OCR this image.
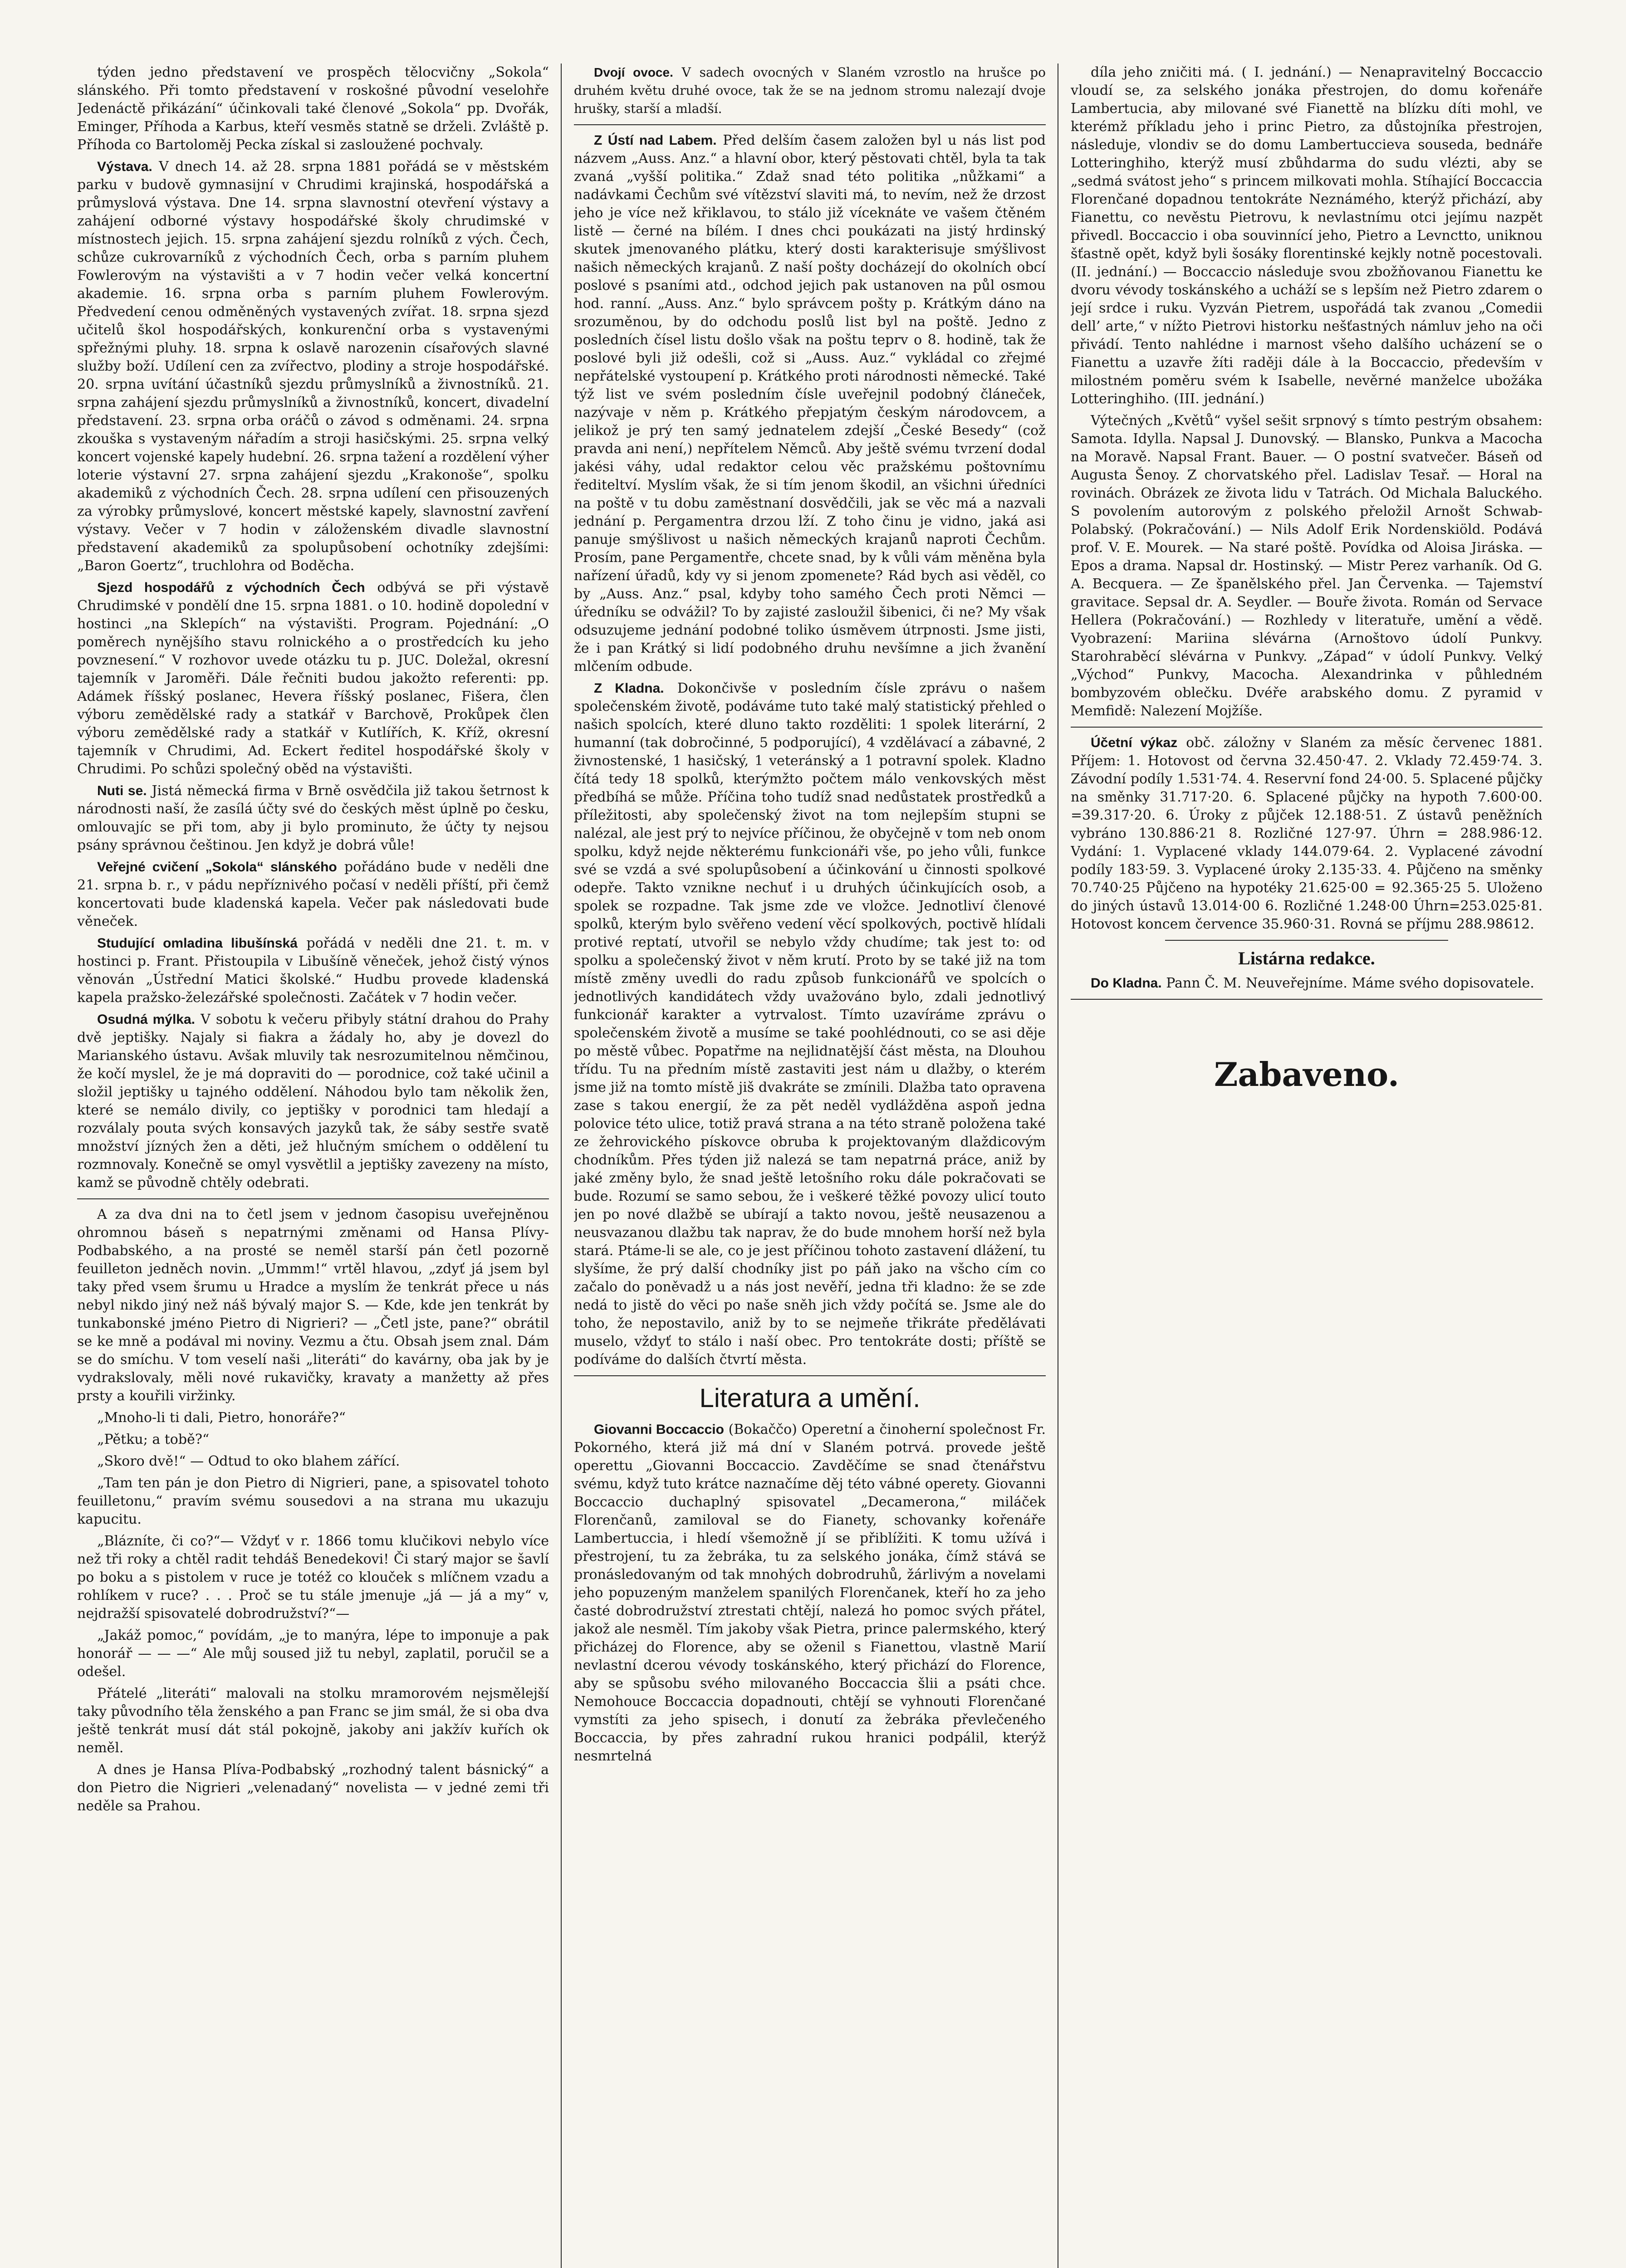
týden jedno představení ve prospěch tělocvičny „Sokola“ slánského. Při tomto představení v roskošné původní veselohře Jedenáctě přikázání“ účinkovali také členové „Sokola“ pp. Dvořák, Eminger, Příhoda a Karbus, kteří vesměs statně se drželi. Zvláště p. Příhoda co Bartoloměj Pecka získal si zasloužené pochvaly.

Výstava. V dnech 14. až 28. srpna 1881 pořádá se v městském parku v budově gymnasijní v Chrudimi krajinská, hospodářská a průmyslová výstava. Dne 14. srpna slavnostní otevření výstavy a zahájení odborné výstavy hospodářské školy chrudimské v místnostech jejich. 15. srpna zahájení sjezdu rolníků z vých. Čech, schůze cukrovarníků z východních Čech, orba s parním pluhem Fowlerovým na výstavišti a v 7 hodin večer velká koncertní akademie. 16. srpna orba s parním pluhem Fowlerovým. Předvedení cenou odměněných vystavených zvířat. 18. srpna sjezd učitelů škol hospodářských, konkurenční orba s vystavenými spřežnými pluhy. 18. srpna k oslavě narozenin císařových slavné služby boží. Udílení cen za zvířectvo, plodiny a stroje hospodářské. 20. srpna uvítání účastníků sjezdu průmyslníků a živnostníků. 21. srpna zahájení sjezdu průmyslníků a živnostníků, koncert, divadelní představení. 23. srpna orba oráčů o závod s odměnami. 24. srpna zkouška s vystaveným nářadím a stroji hasičskými. 25. srpna velký koncert vojenské kapely hudební. 26. srpna tažení a rozdělení výher loterie výstavní 27. srpna zahájení sjezdu „Krakonoše“, spolku akademiků z východních Čech. 28. srpna udílení cen přisouzených za výrobky průmyslové, koncert městské kapely, slavnostní zavření výstavy. Večer v 7 hodin v záloženském divadle slavnostní představení akademiků za spolupůsobení ochotníky zdejšími: „Baron Goertz“, truchlohra od Boděcha.

Sjezd hospodářů z východních Čech odbývá se při výstavě Chrudimské v pondělí dne 15. srpna 1881. o 10. hodině dopolední v hostinci „na Sklepích“ na výstavišti. Program. Pojednání: „O poměrech nynějšího stavu rolnického a o prostředcích ku jeho povznesení.“ V rozhovor uvede otázku tu p. JUC. Doležal, okresní tajemník v Jaroměři. Dále řečniti budou jakožto referenti: pp. Adámek říšský poslanec, Hevera říšský poslanec, Fišera, člen výboru zemědělské rady a statkář v Barchově, Prokůpek člen výboru zemědělské rady a statkář v Kutlířích, K. Kříž, okresní tajemník v Chrudimi, Ad. Eckert ředitel hospodářské školy v Chrudimi. Po schůzi společný oběd na výstavišti.

Nuti se. Jistá německá firma v Brně osvědčila již takou šetrnost k národnosti naší, že zasílá účty své do českých měst úplně po česku, omlouvajíc se při tom, aby ji bylo prominuto, že účty ty nejsou psány správnou češtinou. Jen když je dobrá vůle!

Veřejné cvičení „Sokola“ slánského pořádáno bude v neděli dne 21. srpna b. r., v pádu nepříznivého počasí v neděli příští, při čemž koncertovati bude kladenská kapela. Večer pak následovati bude věneček.

Studující omladina libušínská pořádá v neděli dne 21. t. m. v hostinci p. Frant. Přistoupila v Libušíně věneček, jehož čistý výnos věnován „Ústřední Matici školské.“ Hudbu provede kladenská kapela pražsko-železářské společnosti. Začátek v 7 hodin večer.

Osudná mýlka. V sobotu k večeru přibyly státní drahou do Prahy dvě jeptišky. Najaly si fiakra a žádaly ho, aby je dovezl do Marianského ústavu. Avšak mluvily tak nesrozumitelnou němčinou, že kočí myslel, že je má dopraviti do — porodnice, což také učinil a složil jeptišky u tajného oddělení. Náhodou bylo tam několik žen, které se nemálo divily, co jeptišky v porodnici tam hledají a rozválaly pouta svých konsavých jazyků tak, že sáby sestře svatě množství jízných žen a děti, jež hlučným smíchem o oddělení tu rozmnovaly. Konečně se omyl vysvětlil a jeptišky zavezeny na místo, kamž se původně chtěly odebrati.

A za dva dni na to četl jsem v jednom časopisu uveřejněnou ohromnou báseň s nepatrnými změnami od Hansa Plívy-Podbabského, a na prosté se neměl starší pán četl pozorně feuilleton jedněch novin. „Ummm!“ vrtěl hlavou, „zdyť já jsem byl taky před vsem šrumu u Hradce a myslím že tenkrát přece u nás nebyl nikdo jiný než náš bývalý major S. — Kde, kde jen tenkrát by tunkabonské jméno Pietro di Nigrieri? — „Četl jste, pane?“ obrátil se ke mně a podával mi noviny. Vezmu a čtu. Obsah jsem znal. Dám se do smíchu. V tom veselí naši „literáti“ do kavárny, oba jak by je vydrakslovaly, měli nové rukavičky, kravaty a manžetty až přes prsty a kouřili viržinky.

„Mnoho-li ti dali, Pietro, honoráře?“

„Pětku; a tobě?“

„Skoro dvě!“ — Odtud to oko blahem zářící.

„Tam ten pán je don Pietro di Nigrieri, pane, a spisovatel tohoto feuilletonu,“ pravím svému sousedovi a na strana mu ukazuju kapucitu.

„Blázníte, či co?“— Vždyť v r. 1866 tomu klučikovi nebylo více než tři roky a chtěl radit tehdáš Benedekovi! Či starý major se šavlí po boku a s pistolem v ruce je totéž co klouček s mlíčnem vzadu a rohlíkem v ruce? . . . Proč se tu stále jmenuje „já — já a my“ v, nejdražší spisovatelé dobrodružství?“—

„Jakáž pomoc,“ povídám, „je to manýra, lépe to imponuje a pak honorář — — —“ Ale můj soused již tu nebyl, zaplatil, poručil se a odešel.

Přátelé „literáti“ malovali na stolku mramorovém nejsmělejší taky původního těla ženského a pan Franc se jim smál, že si oba dva ještě tenkrát musí dát stál pokojně, jakoby ani jakžív kuřích ok neměl.

A dnes je Hansa Plíva-Podbabský „rozhodný talent básnický“ a don Pietro die Nigrieri „velenadaný“ novelista — v jedné zemi tři neděle sa Prahou.

Dvojí ovoce. V sadech ovocných v Slaném vzrostlo na hrušce po druhém květu druhé ovoce, tak že se na jednom stromu nalezají dvoje hrušky, starší a mladší.

Z Ústí nad Labem. Před delším časem založen byl u nás list pod názvem „Auss. Anz.“ a hlavní obor, který pěstovati chtěl, byla ta tak zvaná „vyšší politika.“ Zdaž snad této politika „nůžkami“ a nadávkami Čechům své vítězství slaviti má, to nevím, než že drzost jeho je více než křiklavou, to stálo již víceknáte ve vašem čtěném listě — černé na bílém. I dnes chci poukázati na jistý hrdinský skutek jmenovaného plátku, který dosti karakterisuje smýšlivost našich německých krajanů. Z naší pošty docházejí do okolních obcí poslové s psaními atd., odchod jejich pak ustanoven na půl osmou hod. ranní. „Auss. Anz.“ bylo správcem pošty p. Krátkým dáno na srozuměnou, by do odchodu poslů list byl na poště. Jedno z posledních čísel listu došlo však na poštu teprv o 8. hodině, tak že poslové byli již odešli, což si „Auss. Auz.“ vykládal co zřejmé nepřátelské vystoupení p. Krátkého proti národnosti německé. Také týž list ve svém posledním čísle uveřejnil podobný článeček, nazývaje v něm p. Krátkého přepjatým českým národovcem, a jelikož je prý ten samý jednatelem zdejší „České Besedy“ (což pravda ani není,) nepřítelem Němců. Aby ještě svému tvrzení dodal jakési váhy, udal redaktor celou věc pražskému poštovnímu řediteltví. Myslím však, že si tím jenom škodil, an všichni úředníci na poště v tu dobu zaměstnaní dosvědčili, jak se věc má a nazvali jednání p. Pergamentra drzou lží. Z toho činu je vidno, jaká asi panuje smýšlivost u našich německých krajanů naproti Čechům. Prosím, pane Pergamentře, chcete snad, by k vůli vám měněna byla nařízení úřadů, kdy vy si jenom zpomenete? Rád bych asi věděl, co by „Auss. Anz.“ psal, kdyby toho samého Čech proti Němci — úředníku se odvážil? To by zajisté zasloužil šibenici, či ne? My však odsuzujeme jednání podobné toliko úsměvem útrpnosti. Jsme jisti, že i pan Krátký si lidí podobného druhu nevšímne a jich žvanění mlčením odbude.

Z Kladna. Dokončivše v posledním čísle zprávu o našem společenském životě, podáváme tuto také malý statistický přehled o našich spolcích, které dluno takto rozděliti: 1 spolek literární, 2 humanní (tak dobročinné, 5 podporující), 4 vzdělávací a zábavné, 2 živnostenské, 1 hasičský, 1 veteránský a 1 potravní spolek. Kladno čítá tedy 18 spolků, kterýmžto počtem málo venkovských měst předbíhá se může. Příčina toho tudíž snad nedůstatek prostředků a příležitosti, aby společenský život na tom nejlepším stupni se nalézal, ale jest prý to nejvíce příčinou, že obyčejně v tom neb onom spolku, když nejde některému funkcionáři vše, po jeho vůli, funkce své se vzdá a své spolupůsobení a účinkování u činnosti spolkové odepře. Takto vznikne nechuť i u druhých účinkujících osob, a spolek se rozpadne. Tak jsme zde ve vložce. Jednotliví členové spolků, kterým bylo svěřeno vedení věcí spolkových, poctivě hlídali protivé reptatí, utvořil se nebylo vždy chudíme; tak jest to: od spolku a společenský život v něm krutí. Proto by se také již na tom místě změny uvedli do radu způsob funkcionářů ve spolcích o jednotlivých kandidátech vždy uvažováno bylo, zdali jednotlivý funkcionář karakter a vytrvalost. Tímto uzavíráme zprávu o společenském životě a musíme se také poohlédnouti, co se asi děje po městě vůbec. Popatřme na nejlidnatější část města, na Dlouhou třídu. Tu na předním místě zastaviti jest nám u dlažby, o kterém jsme již na tomto místě jiš dvakráte se zmínili. Dlažba tato opravena zase s takou energií, že za pět neděl vydlážděna aspoň jedna polovice této ulice, totiž pravá strana a na této straně položena také ze žehrovického pískovce obruba k projektovaným dlaždicovým chodníkům. Přes týden již nalezá se tam nepatrná práce, aniž by jaké změny bylo, že snad ještě letošního roku dále pokračovati se bude. Rozumí se samo sebou, že i veškeré těžké povozy ulicí touto jen po nové dlažbě se ubírají a takto novou, ještě neusazenou a neusvazanou dlažbu tak naprav, že do bude mnohem horší než byla stará. Ptáme-li se ale, co je jest příčinou tohoto zastavení dlážení, tu slyšíme, že prý další chodníky jist po páň jako na všcho cím co začalo do poněvadž u a nás jost nevěří, jedna tři kladno: že se zde nedá to jistě do věci po naše sněh jich vždy počítá se. Jsme ale do toho, že nepostavilo, aniž by to se nejmeňe třikráte předělávati muselo, vždyť to stálo i naší obec. Pro tentokráte dosti; příště se podíváme do dalších čtvrtí města.

Literatura a umění.

Giovanni Boccaccio (Bokaččo) Operetní a činoherní společnost Fr. Pokorného, která již má dní v Slaném potrvá. provede ještě operettu „Giovanni Boccaccio. Zavděčíme se snad čtenářstvu svému, když tuto krátce naznačíme děj této vábné operety. Giovanni Boccaccio duchaplný spisovatel „Decamerona,“ miláček Florenčanů, zamiloval se do Fianety, schovanky kořenáře Lambertuccia, i hledí všemožně jí se přiblížiti. K tomu užívá i přestrojení, tu za žebráka, tu za selského jonáka, čímž stává se pronásledovaným od tak mnohých dobrodruhů, žárlivým a novelami jeho popuzeným manželem spanilých Florenčanek, kteří ho za jeho časté dobrodružství ztrestati chtějí, nalezá ho pomoc svých přátel, jakož ale nesměl. Tím jakoby však Pietra, prince palermského, který přicházej do Florence, aby se oženil s Fianettou, vlastně Marií nevlastní dcerou vévody toskánského, který přichází do Florence, aby se spůsobu svého milovaného Boccaccia šlii a psáti chce. Nemohouce Boccaccia dopadnouti, chtějí se vyhnouti Florenčané vymstíti za jeho spisech, i donutí za žebráka převlečeného Boccaccia, by přes zahradní rukou hranici podpálil, kterýž nesmrtelná

díla jeho zničiti má. ( I. jednání.) — Nenapravitelný Boccaccio vloudí se, za selského jonáka přestrojen, do domu kořenáře Lambertucia, aby milované své Fianettě na blízku díti mohl, ve kterémž příkladu jeho i princ Pietro, za důstojníka přestrojen, následuje, vlondiv se do domu Lambertuccieva souseda, bednáře Lotteringhiho, kterýž musí zbůhdarma do sudu vlézti, aby se „sedmá svátost jeho“ s princem milkovati mohla. Stíhající Boccaccia Florenčané dopadnou tentokráte Neznámého, kterýž přichází, aby Fianettu, co nevěstu Pietrovu, k nevlastnímu otci jejímu nazpět přivedl. Boccaccio i oba souvinnící jeho, Pietro a Levnctto, uniknou šťastně opět, když byli šosáky florentinské kejkly notně pocestovali. (II. jednání.) — Boccaccio následuje svou zbožňovanou Fianettu ke dvoru vévody toskánského a ucháží se s lepším než Pietro zdarem o její srdce i ruku. Vyzván Pietrem, uspořádá tak zvanou „Comedii dell’ arte,“ v nížto Pietrovi historku nešťastných námluv jeho na oči přivádí. Tento nahlédne i marnost všeho dalšího ucházení se o Fianettu a uzavře žíti raději dále à la Boccaccio, především v milostném poměru svém k Isabelle, nevěrné manželce ubožáka Lotteringhiho. (III. jednání.)

Výtečných „Květů“ vyšel sešit srpnový s tímto pestrým obsahem: Samota. Idylla. Napsal J. Dunovský. — Blansko, Punkva a Macocha na Moravě. Napsal Frant. Bauer. — O postní svatvečer. Báseň od Augusta Šenoy. Z chorvatského přel. Ladislav Tesař. — Horal na rovinách. Obrázek ze života lidu v Tatrách. Od Michala Baluckého. S povolením autorovým z polského přeložil Arnošt Schwab-Polabský. (Pokračování.) — Nils Adolf Erik Nordenskiöld. Podává prof. V. E. Mourek. — Na staré poště. Povídka od Aloisa Jiráska. — Epos a drama. Napsal dr. Hostinský. — Mistr Perez varhaník. Od G. A. Becquera. — Ze španělského přel. Jan Červenka. — Tajemství gravitace. Sepsal dr. A. Seydler. — Bouře života. Román od Servace Hellera (Pokračování.) — Rozhledy v literatuře, umění a vědě. Vyobrazení: Mariina slévárna (Arnoštovo údolí Punkvy. Starohraběcí slévárna v Punkvy. „Západ“ v údolí Punkvy. Velký „Východ“ Punkvy, Macocha. Alexandrinka v půhledném bombyzovém oblečku. Dvéře arabského domu. Z pyramid v Memfidě: Nalezení Mojžíše.

Účetní výkaz obč. záložny v Slaném za měsíc červenec 1881. Příjem: 1. Hotovost od června 32.450·47. 2. Vklady 72.459·74. 3. Závodní podíly 1.531·74. 4. Reservní fond 24·00. 5. Splacené půjčky na směnky 31.717·20. 6. Splacené půjčky na hypoth 7.600·00. =39.317·20. 6. Úroky z půjček 12.188·51. Z ústavů peněžních vybráno 130.886·21 8. Rozličné 127·97. Úhrn = 288.986·12. Vydání: 1. Vyplacené vklady 144.079·64. 2. Vyplacené závodní podíly 183·59. 3. Vyplacené úroky 2.135·33. 4. Půjčeno na směnky 70.740·25 Půjčeno na hypotéky 21.625·00 = 92.365·25 5. Uloženo do jiných ústavů 13.014·00 6. Rozličné 1.248·00 Úhrn=253.025·81. Hotovost koncem července 35.960·31. Rovná se příjmu 288.98612.

Listárna redakce.

Do Kladna. Pann Č. M. Neuveřejníme. Máme svého dopisovatele.

Zabaveno.
